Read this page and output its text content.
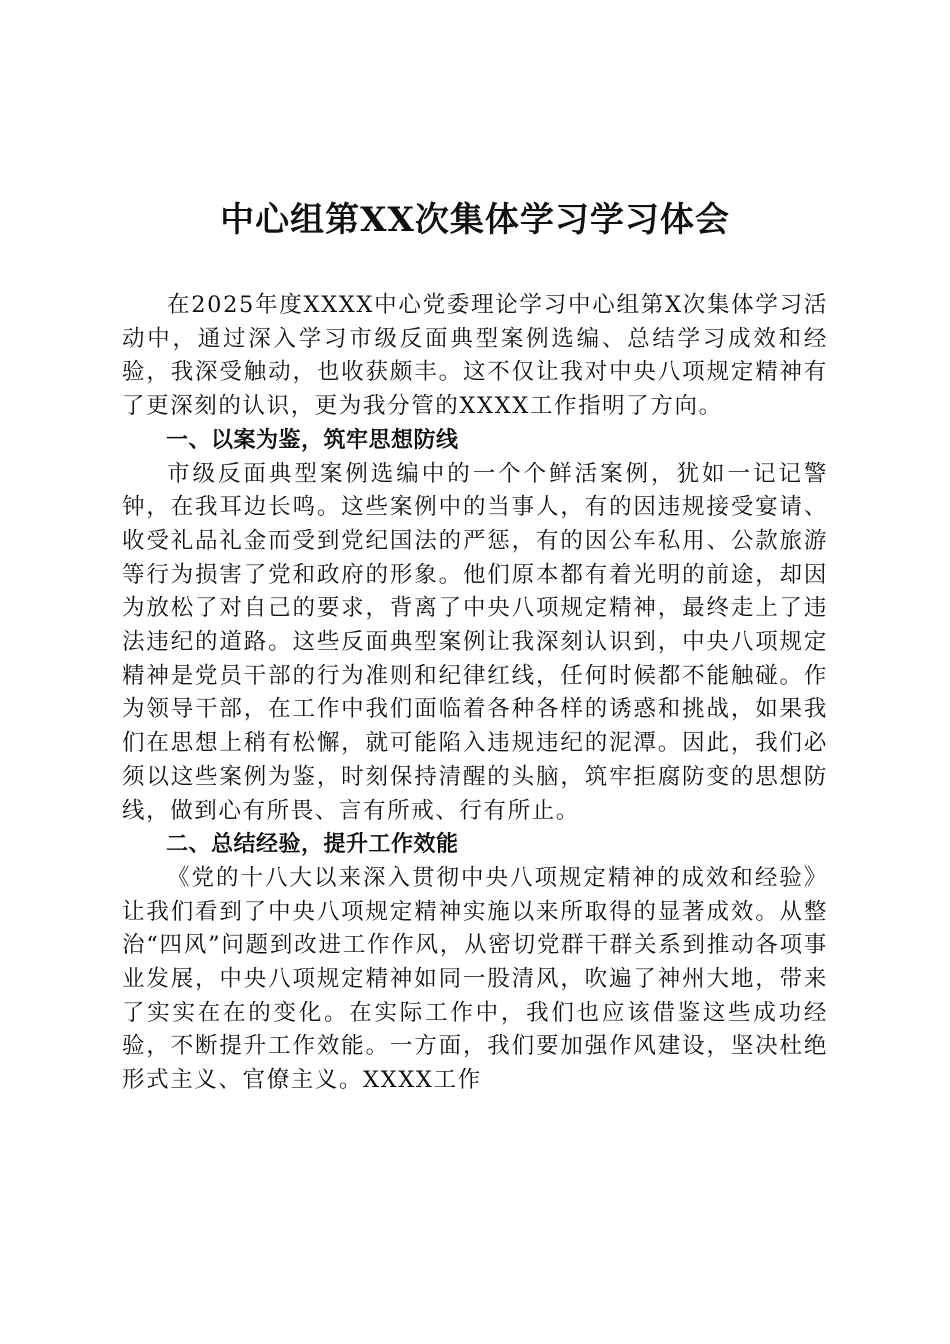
中心组第XX次集体学习学习体会

在2025年度XXXX中心党委理论学习中心组第X次集体学习活动中，通过深入学习市级反面典型案例选编、总结学习成效和经验，我深受触动，也收获颇丰。这不仅让我对中央八项规定精神有了更深刻的认识，更为我分管的XXXX工作指明了方向。

一、以案为鉴，筑牢思想防线

市级反面典型案例选编中的一个个鲜活案例，犹如一记记警钟，在我耳边长鸣。这些案例中的当事人，有的因违规接受宴请、收受礼品礼金而受到党纪国法的严惩，有的因公车私用、公款旅游等行为损害了党和政府的形象。他们原本都有着光明的前途，却因为放松了对自己的要求，背离了中央八项规定精神，最终走上了违法违纪的道路。这些反面典型案例让我深刻认识到，中央八项规定精神是党员干部的行为准则和纪律红线，任何时候都不能触碰。作为领导干部，在工作中我们面临着各种各样的诱惑和挑战，如果我们在思想上稍有松懈，就可能陷入违规违纪的泥潭。因此，我们必须以这些案例为鉴，时刻保持清醒的头脑，筑牢拒腐防变的思想防线，做到心有所畏、言有所戒、行有所止。

二、总结经验，提升工作效能

《党的十八大以来深入贯彻中央八项规定精神的成效和经验》让我们看到了中央八项规定精神实施以来所取得的显著成效。从整治“四风”问题到改进工作作风，从密切党群干群关系到推动各项事业发展，中央八项规定精神如同一股清风，吹遍了神州大地，带来了实实在在的变化。在实际工作中，我们也应该借鉴这些成功经验，不断提升工作效能。一方面，我们要加强作风建设，坚决杜绝形式主义、官僚主义。XXXX工作
